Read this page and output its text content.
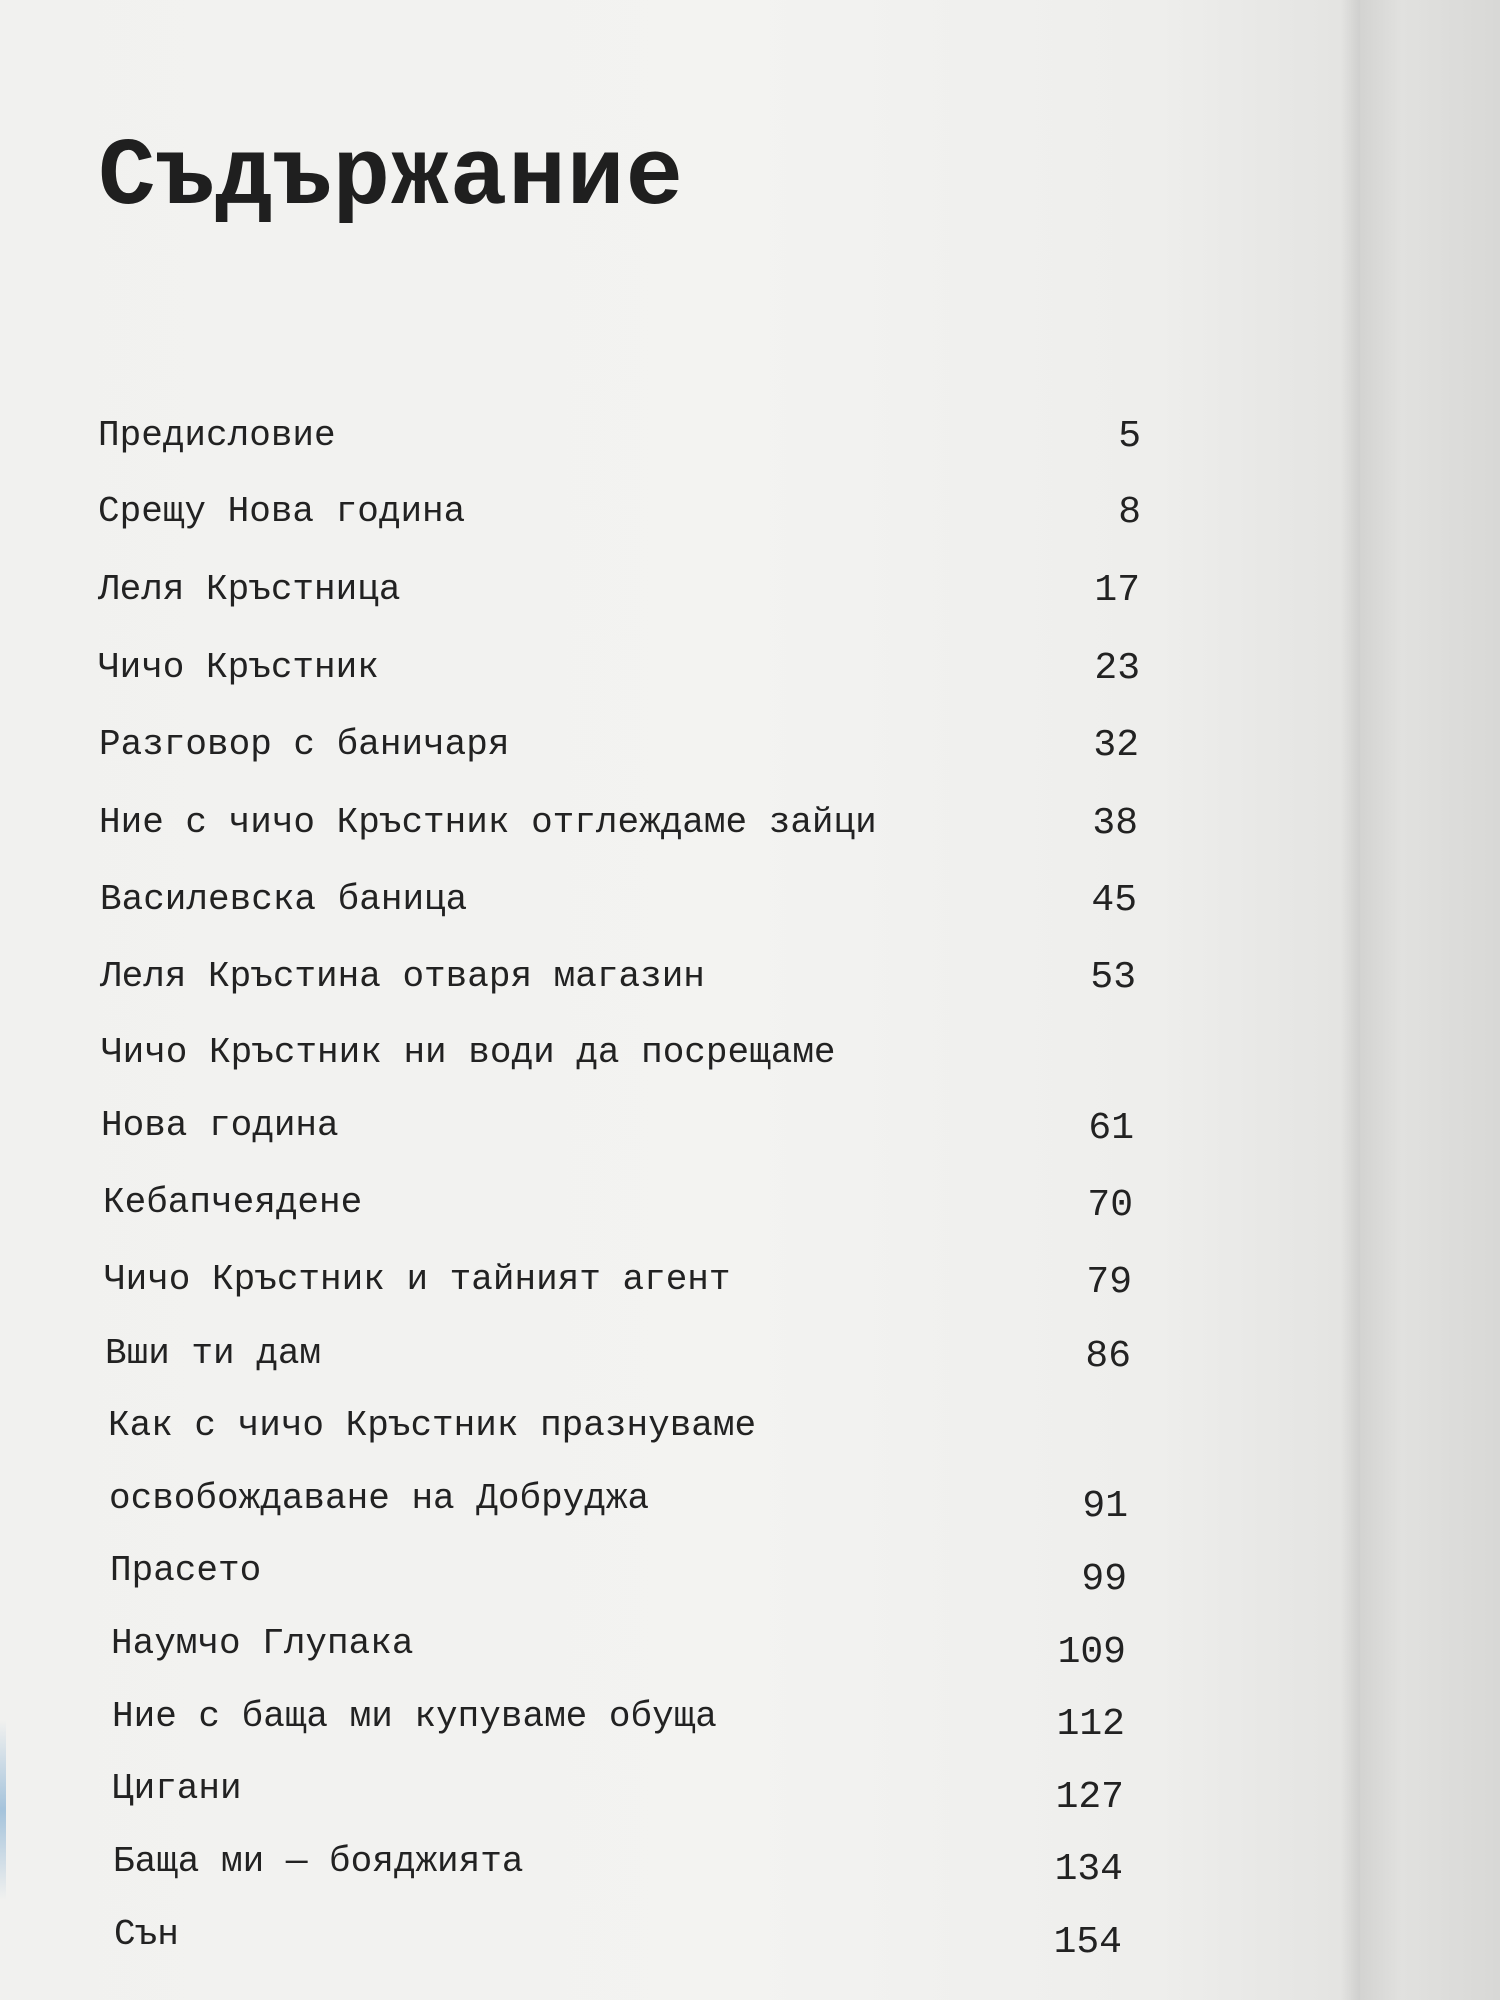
Съдържание
Предисловие	5
Срещу Нова година	8
Леля Кръстница	17
Чичо Кръстник	23
Разговор с баничаря	32
Ние с чичо Кръстник отглеждаме зайци	38
Василевска баница	45
Леля Кръстина отваря магазин	53
Чичо Кръстник ни води да посрещаме
Нова година	61
Кебапчеядене	70
Чичо Кръстник и тайният агент	79
Вши ти дам	86
Как с чичо Кръстник празнуваме
освобождаване на Добруджа	91
Прасето	99
Наумчо Глупака	109
Ние с баща ми купуваме обуща	112
Цигани	127
Баща ми — бояджията	134
Сън	154
